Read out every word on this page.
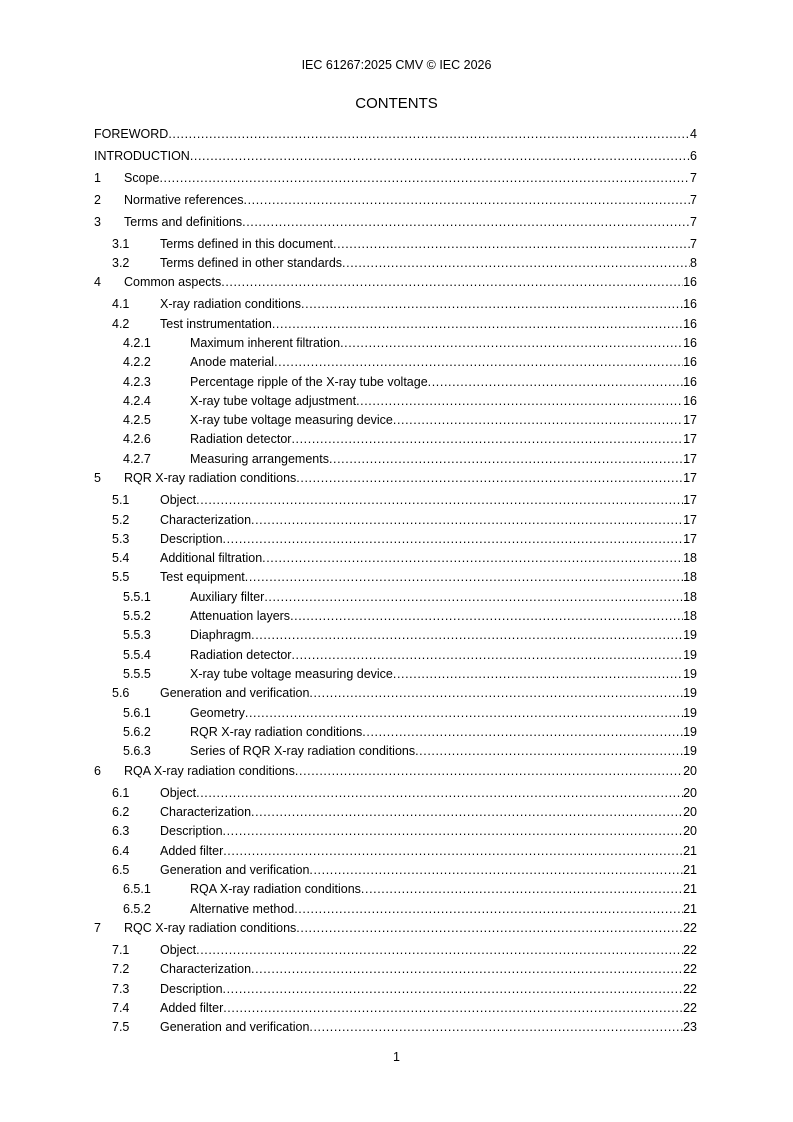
IEC 61267:2025 CMV © IEC 2026
CONTENTS
FOREWORD .....	4
INTRODUCTION .....	6
1 Scope .....	7
2 Normative references .....	7
3 Terms and definitions .....	7
3.1 Terms defined in this document .....	7
3.2 Terms defined in other standards .....	8
4 Common aspects .....	16
4.1 X-ray radiation conditions .....	16
4.2 Test instrumentation .....	16
4.2.1	Maximum inherent filtration .....	16
4.2.2	Anode material .....	16
4.2.3	Percentage ripple of the X-ray tube voltage .....	16
4.2.4	X-ray tube voltage adjustment .....	16
4.2.5	X-ray tube voltage measuring device .....	17
4.2.6	Radiation detector .....	17
4.2.7	Measuring arrangements .....	17
5 RQR X-ray radiation conditions .....	17
5.1 Object .....	17
5.2 Characterization .....	17
5.3 Description .....	17
5.4 Additional filtration .....	18
5.5 Test equipment .....	18
5.5.1	Auxiliary filter .....	18
5.5.2	Attenuation layers .....	18
5.5.3	Diaphragm .....	19
5.5.4	Radiation detector .....	19
5.5.5	X-ray tube voltage measuring device .....	19
5.6 Generation and verification .....	19
5.6.1	Geometry .....	19
5.6.2	RQR X-ray radiation conditions .....	19
5.6.3	Series of RQR X-ray radiation conditions .....	19
6 RQA X-ray radiation conditions .....	20
6.1 Object .....	20
6.2 Characterization .....	20
6.3 Description .....	20
6.4 Added filter .....	21
6.5 Generation and verification .....	21
6.5.1	RQA X-ray radiation conditions .....	21
6.5.2	Alternative method .....	21
7 RQC X-ray radiation conditions .....	22
7.1 Object .....	22
7.2 Characterization .....	22
7.3 Description .....	22
7.4 Added filter .....	22
7.5 Generation and verification .....	23
1
